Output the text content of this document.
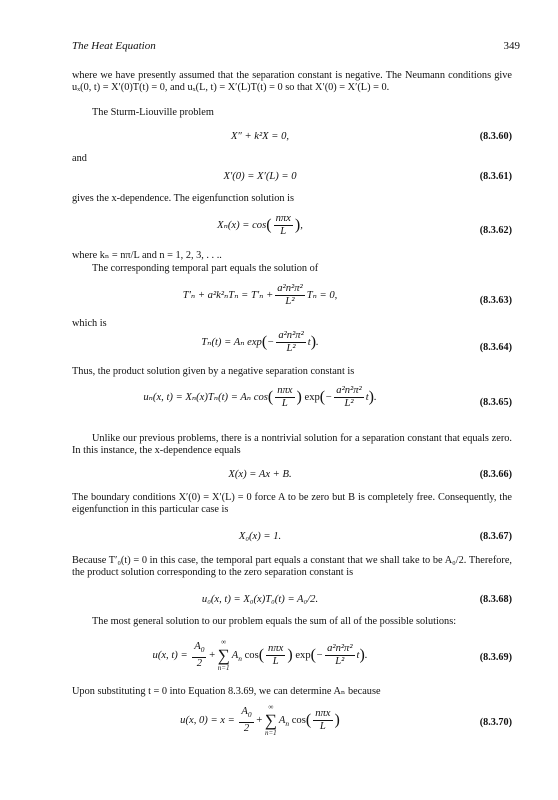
The Heat Equation	349
where we have presently assumed that the separation constant is negative. The Neumann conditions give uₓ(0, t) = X′(0)T(t) = 0, and uₓ(L, t) = X′(L)T(t) = 0 so that X′(0) = X′(L) = 0.
The Sturm-Liouville problem
X″ + k²X = 0,	(8.3.60)
and
X′(0) = X′(L) = 0	(8.3.61)
gives the x-dependence. The eigenfunction solution is
$X_n(x) = \cos( \frac{\text{nπx}}{L}$ ),	(8.3.62)
where kₙ = nπ/L and n = 1, 2, 3, . . ..
The corresponding temporal part equals the solution of
$T'_n + a^2k^2_nT_n = T'_n + \frac{\text{a²n²π²}}{\text{L²}}$ Tₙ = 0,	(8.3.63)
which is
Tₙ(t) = Aₙ $\exp(- \frac{\text{a²n²π²}}{\text{L²}} t)$.	(8.3.64)
Thus, the product solution given by a negative separation constant is
uₙ(x, t) = Xₙ(x)Tₙ(t) = Aₙ $\cos( \frac{\text{nπx}}{L}$ ) $\exp(- \frac{\text{a²n²π²}}{\text{L²}} t)$.	(8.3.65)
Unlike our previous problems, there is a nontrivial solution for a separation constant that equals zero. In this instance, the x-dependence equals
X(x) = Ax + B.	(8.3.66)
The boundary conditions X′(0) = X′(L) = 0 force A to be zero but B is completely free. Consequently, the eigenfunction in this particular case is
X₀(x) = 1.	(8.3.67)
Because T′₀(t) = 0 in this case, the temporal part equals a constant that we shall take to be A₀/2. Therefore, the product solution corresponding to the zero separation constant is
u₀(x, t) = X₀(x)T₀(t) = A₀/2.	(8.3.68)
The most general solution to our problem equals the sum of all of the possible solutions:
u(x, $t) = \frac{A_0}{2}$ +
∞
∑
n=1
$A_n$ $\cos( \frac{\text{nπx}}{L}$ ) $\exp(- \frac{\text{a²n²π²}}{\text{L²}} t)$.	(8.3.69)
Upon substituting t = 0 into Equation 8.3.69, we can determine Aₙ because
u(x, $0) = x = \frac{A_0}{2}$ +
∞
∑
n=1
$A_n$ $\cos( \frac{\text{nπx}}{L}$ )	(8.3.70)
